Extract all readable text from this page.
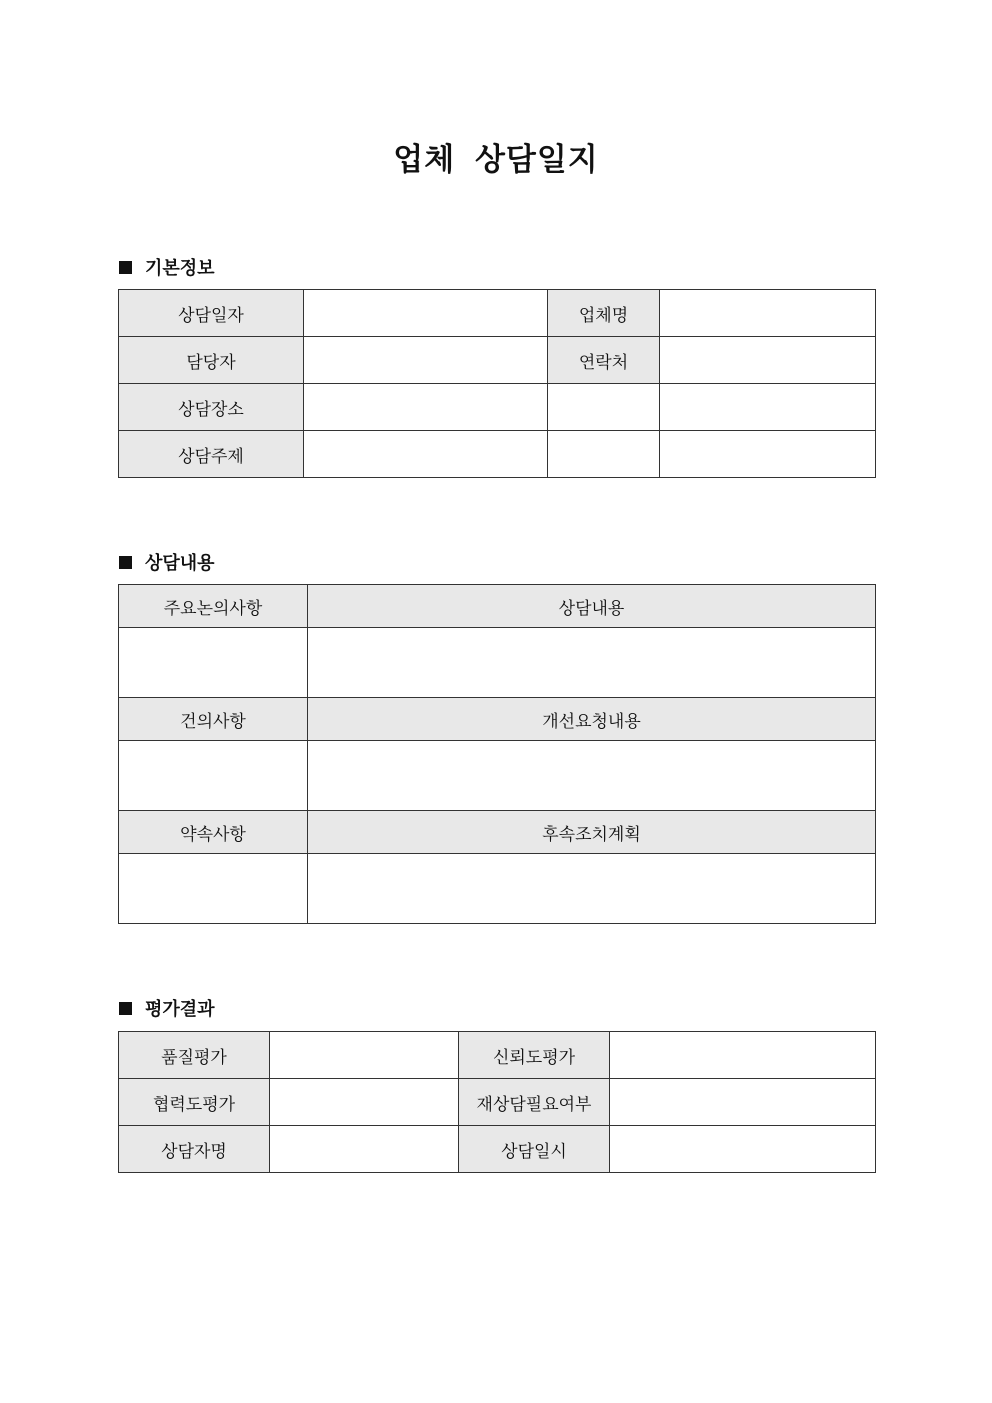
업체 상담일지
기본정보
상담일자		업체명	
담당자		연락처	
상담장소			
상담주제			
상담내용
주요논의사항	상담내용

건의사항	개선요청내용

약속사항	후속조치계획

평가결과
품질평가		신뢰도평가	
협력도평가		재상담필요여부	
상담자명		상담일시	
